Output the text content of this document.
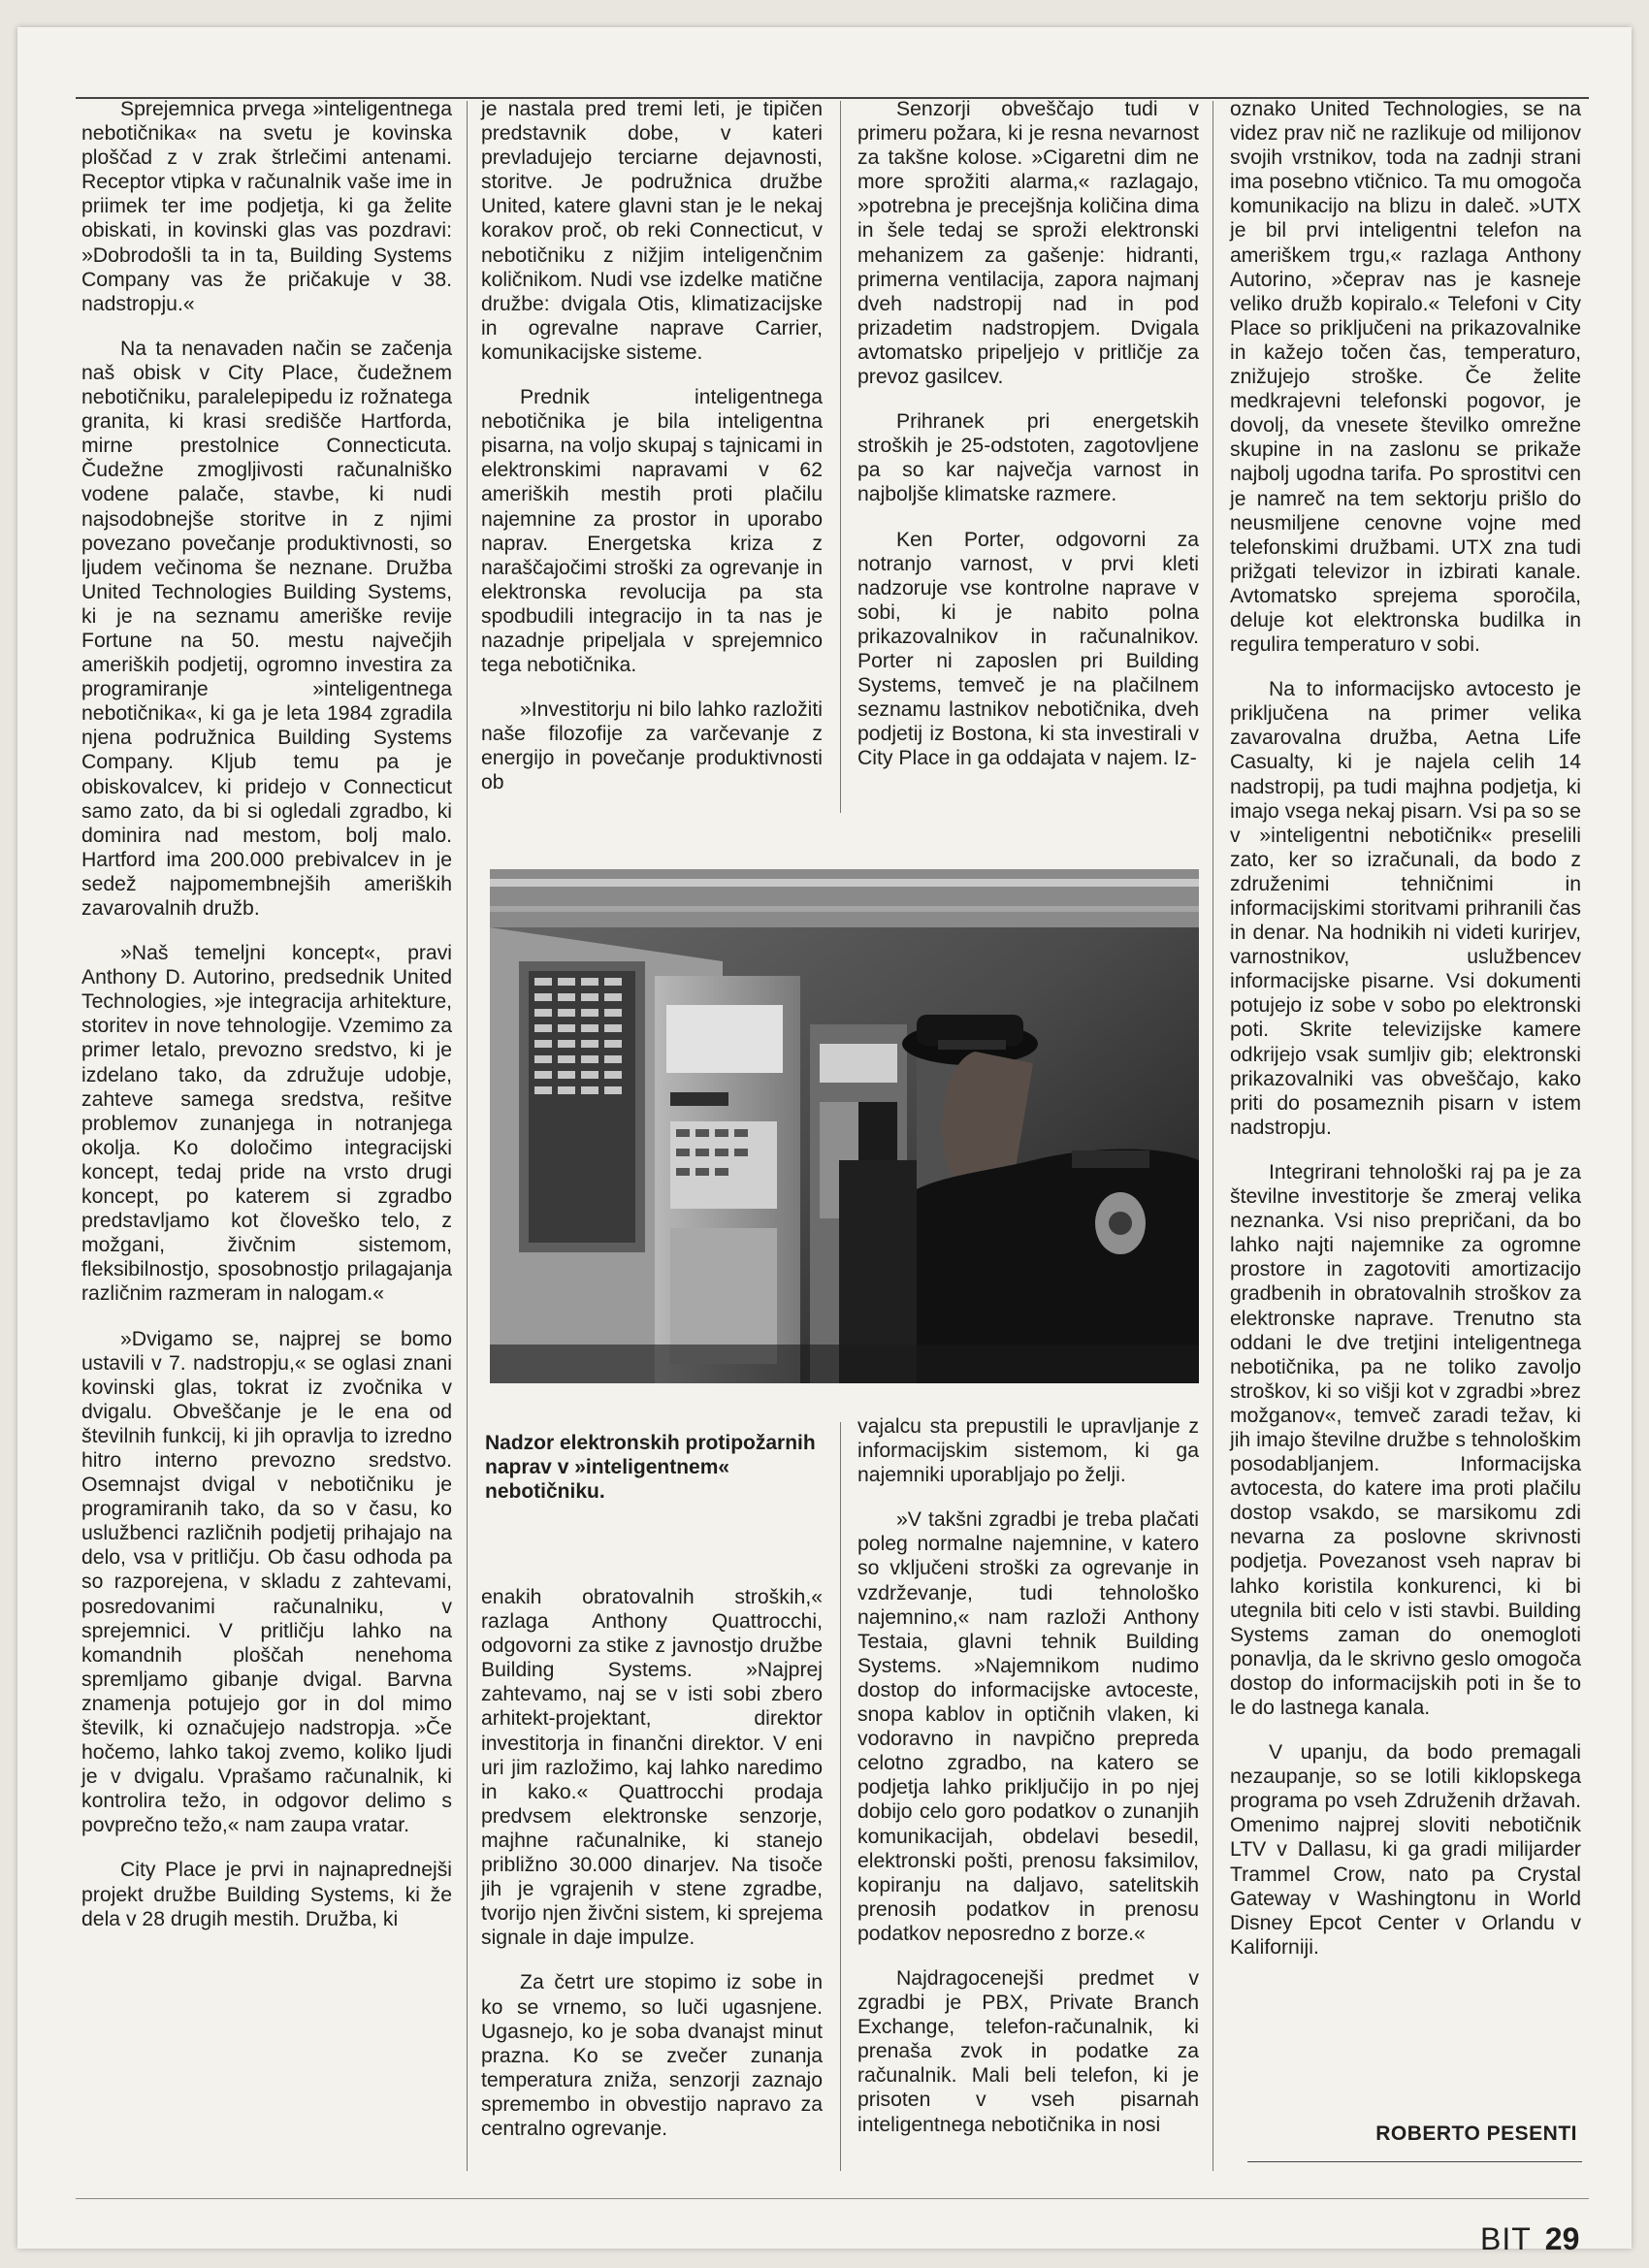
Sprejemnica prvega »inteligentnega nebotičnika« na svetu je kovinska ploščad z v zrak štrlečimi antenami. Receptor vtipka v računalnik vaše ime in priimek ter ime podjetja, ki ga želite obiskati, in kovinski glas vas pozdravi: »Dobrodošli ta in ta, Building Systems Company vas že pričakuje v 38. nadstropju.«

Na ta nenavaden način se začenja naš obisk v City Place, čudežnem nebotičniku, paralelepipedu iz rožnatega granita, ki krasi središče Hartforda, mirne prestolnice Connecticuta. Čudežne zmogljivosti računalniško vodene palače, stavbe, ki nudi najsodobnejše storitve in z njimi povezano povečanje produktivnosti, so ljudem večinoma še neznane. Družba United Technologies Building Systems, ki je na seznamu ameriške revije Fortune na 50. mestu največjih ameriških podjetij, ogromno investira za programiranje »inteligentnega nebotičnika«, ki ga je leta 1984 zgradila njena podružnica Building Systems Company. Kljub temu pa je obiskovalcev, ki pridejo v Connecticut samo zato, da bi si ogledali zgradbo, ki dominira nad mestom, bolj malo. Hartford ima 200.000 prebivalcev in je sedež najpomembnejših ameriških zavarovalnih družb.

»Naš temeljni koncept«, pravi Anthony D. Autorino, predsednik United Technologies, »je integracija arhitekture, storitev in nove tehnologije. Vzemimo za primer letalo, prevozno sredstvo, ki je izdelano tako, da združuje udobje, zahteve samega sredstva, rešitve problemov zunanjega in notranjega okolja. Ko določimo integracijski koncept, tedaj pride na vrsto drugi koncept, po katerem si zgradbo predstavljamo kot človeško telo, z možgani, živčnim sistemom, fleksibilnostjo, sposobnostjo prilagajanja različnim razmeram in nalogam.«

»Dvigamo se, najprej se bomo ustavili v 7. nadstropju,« se oglasi znani kovinski glas, tokrat iz zvočnika v dvigalu. Obveščanje je le ena od številnih funkcij, ki jih opravlja to izredno hitro interno prevozno sredstvo. Osemnajst dvigal v nebotičniku je programiranih tako, da so v času, ko uslužbenci različnih podjetij prihajajo na delo, vsa v pritličju. Ob času odhoda pa so razporejena, v skladu z zahtevami, posredovanimi računalniku, v sprejemnici. V pritličju lahko na komandnih ploščah nenehoma spremljamo gibanje dvigal. Barvna znamenja potujejo gor in dol mimo številk, ki označujejo nadstropja. »Če hočemo, lahko takoj zvemo, koliko ljudi je v dvigalu. Vprašamo računalnik, ki kontrolira težo, in odgovor delimo s povprečno težo,« nam zaupa vratar.

City Place je prvi in najnaprednejši projekt družbe Building Systems, ki že dela v 28 drugih mestih. Družba, ki

je nastala pred tremi leti, je tipičen predstavnik dobe, v kateri prevladujejo terciarne dejavnosti, storitve. Je podružnica družbe United, katere glavni stan je le nekaj korakov proč, ob reki Connecticut, v nebotičniku z nižjim inteligenčnim količnikom. Nudi vse izdelke matične družbe: dvigala Otis, klimatizacijske in ogrevalne naprave Carrier, komunikacijske sisteme.

Prednik inteligentnega nebotičnika je bila inteligentna pisarna, na voljo skupaj s tajnicami in elektronskimi napravami v 62 ameriških mestih proti plačilu najemnine za prostor in uporabo naprav. Energetska kriza z naraščajočimi stroški za ogrevanje in elektronska revolucija pa sta spodbudili integracijo in ta nas je nazadnje pripeljala v sprejemnico tega nebotičnika.

»Investitorju ni bilo lahko razložiti naše filozofije za varčevanje z energijo in povečanje produktivnosti ob

Senzorji obveščajo tudi v primeru požara, ki je resna nevarnost za takšne kolose. »Cigaretni dim ne more sprožiti alarma,« razlagajo, »potrebna je precejšnja količina dima in šele tedaj se sproži elektronski mehanizem za gašenje: hidranti, primerna ventilacija, zapora najmanj dveh nadstropij nad in pod prizadetim nadstropjem. Dvigala avtomatsko pripeljejo v pritličje za prevoz gasilcev.

Prihranek pri energetskih stroških je 25-odstoten, zagotovljene pa so kar največja varnost in najboljše klimatske razmere.

Ken Porter, odgovorni za notranjo varnost, v prvi kleti nadzoruje vse kontrolne naprave v sobi, ki je nabito polna prikazovalnikov in računalnikov. Porter ni zaposlen pri Building Systems, temveč je na plačilnem seznamu lastnikov nebotičnika, dveh podjetij iz Bostona, ki sta investirali v City Place in ga oddajata v najem. Iz-

Nadzor elektronskih protipožarnih naprav v »inteligentnem« nebotičniku.

enakih obratovalnih stroških,« razlaga Anthony Quattrocchi, odgovorni za stike z javnostjo družbe Building Systems. »Najprej zahtevamo, naj se v isti sobi zbero arhitekt-projektant, direktor investitorja in finančni direktor. V eni uri jim razložimo, kaj lahko naredimo in kako.« Quattrocchi prodaja predvsem elektronske senzorje, majhne računalnike, ki stanejo približno 30.000 dinarjev. Na tisoče jih je vgrajenih v stene zgradbe, tvorijo njen živčni sistem, ki sprejema signale in daje impulze.

Za četrt ure stopimo iz sobe in ko se vrnemo, so luči ugasnjene. Ugasnejo, ko je soba dvanajst minut prazna. Ko se zvečer zunanja temperatura zniža, senzorji zaznajo spremembo in obvestijo napravo za centralno ogrevanje.

vajalcu sta prepustili le upravljanje z informacijskim sistemom, ki ga najemniki uporabljajo po želji.

»V takšni zgradbi je treba plačati poleg normalne najemnine, v katero so vključeni stroški za ogrevanje in vzdrževanje, tudi tehnološko najemnino,« nam razloži Anthony Testaia, glavni tehnik Building Systems. »Najemnikom nudimo dostop do informacijske avtoceste, snopa kablov in optičnih vlaken, ki vodoravno in navpično prepreda celotno zgradbo, na katero se podjetja lahko priključijo in po njej dobijo celo goro podatkov o zunanjih komunikacijah, obdelavi besedil, elektronski pošti, prenosu faksimilov, kopiranju na daljavo, satelitskih prenosih podatkov in prenosu podatkov neposredno z borze.«

Najdragocenejši predmet v zgradbi je PBX, Private Branch Exchange, telefon-računalnik, ki prenaša zvok in podatke za računalnik. Mali beli telefon, ki je prisoten v vseh pisarnah inteligentnega nebotičnika in nosi

oznako United Technologies, se na videz prav nič ne razlikuje od milijonov svojih vrstnikov, toda na zadnji strani ima posebno vtičnico. Ta mu omogoča komunikacijo na blizu in daleč. »UTX je bil prvi inteligentni telefon na ameriškem trgu,« razlaga Anthony Autorino, »čeprav nas je kasneje veliko družb kopiralo.« Telefoni v City Place so priključeni na prikazovalnike in kažejo točen čas, temperaturo, znižujejo stroške. Če želite medkrajevni telefonski pogovor, je dovolj, da vnesete številko omrežne skupine in na zaslonu se prikaže najbolj ugodna tarifa. Po sprostitvi cen je namreč na tem sektorju prišlo do neusmiljene cenovne vojne med telefonskimi družbami. UTX zna tudi prižgati televizor in izbirati kanale. Avtomatsko sprejema sporočila, deluje kot elektronska budilka in regulira temperaturo v sobi.

Na to informacijsko avtocesto je priključena na primer velika zavarovalna družba, Aetna Life Casualty, ki je najela celih 14 nadstropij, pa tudi majhna podjetja, ki imajo vsega nekaj pisarn. Vsi pa so se v »inteligentni nebotičnik« preselili zato, ker so izračunali, da bodo z združenimi tehničnimi in informacijskimi storitvami prihranili čas in denar. Na hodnikih ni videti kurirjev, varnostnikov, uslužbencev informacijske pisarne. Vsi dokumenti potujejo iz sobe v sobo po elektronski poti. Skrite televizijske kamere odkrijejo vsak sumljiv gib; elektronski prikazovalniki vas obveščajo, kako priti do posameznih pisarn v istem nadstropju.

Integrirani tehnološki raj pa je za številne investitorje še zmeraj velika neznanka. Vsi niso prepričani, da bo lahko najti najemnike za ogromne prostore in zagotoviti amortizacijo gradbenih in obratovalnih stroškov za elektronske naprave. Trenutno sta oddani le dve tretjini inteligentnega nebotičnika, pa ne toliko zavoljo stroškov, ki so višji kot v zgradbi »brez možganov«, temveč zaradi težav, ki jih imajo številne družbe s tehnološkim posodabljanjem. Informacijska avtocesta, do katere ima proti plačilu dostop vsakdo, se marsikomu zdi nevarna za poslovne skrivnosti podjetja. Povezanost vseh naprav bi lahko koristila konkurenci, ki bi utegnila biti celo v isti stavbi. Building Systems zaman do onemogloti ponavlja, da le skrivno geslo omogoča dostop do informacijskih poti in še to le do lastnega kanala.

V upanju, da bodo premagali nezaupanje, so se lotili kiklopskega programa po vseh Združenih državah. Omenimo najprej sloviti nebotičnik LTV v Dallasu, ki ga gradi milijarder Trammel Crow, nato pa Crystal Gateway v Washingtonu in World Disney Epcot Center v Orlandu v Kaliforniji.

ROBERTO PESENTI
BIT 29
